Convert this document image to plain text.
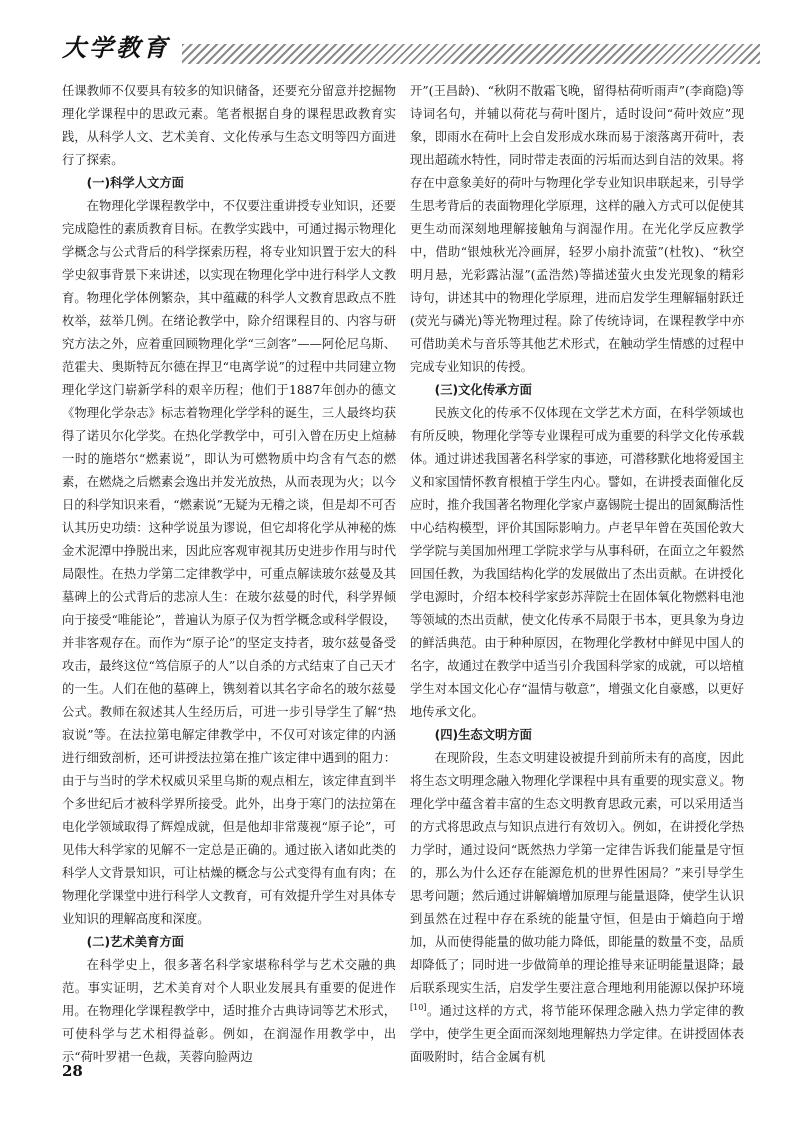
大学教育

任课教师不仅要具有较多的知识储备，还要充分留意并挖掘物理化学课程中的思政元素。笔者根据自身的课程思政教育实践，从科学人文、艺术美育、文化传承与生态文明等四方面进行了探索。

(一)科学人文方面

在物理化学课程教学中，不仅要注重讲授专业知识，还要完成隐性的素质教育目标。在教学实践中，可通过揭示物理化学概念与公式背后的科学探索历程，将专业知识置于宏大的科学史叙事背景下来讲述，以实现在物理化学中进行科学人文教育。物理化学体例繁杂，其中蕴藏的科学人文教育思政点不胜枚举，兹举几例。在绪论教学中，除介绍课程目的、内容与研究方法之外，应着重回顾物理化学“三剑客”——阿伦尼乌斯、范霍夫、奥斯特瓦尔德在捍卫“电离学说”的过程中共同建立物理化学这门崭新学科的艰辛历程；他们于1887年创办的德文《物理化学杂志》标志着物理化学学科的诞生，三人最终均获得了诺贝尔化学奖。在热化学教学中，可引入曾在历史上煊赫一时的施塔尔“燃素说”，即认为可燃物质中均含有气态的燃素，在燃烧之后燃素会逸出并发光放热，从而表现为火；以今日的科学知识来看，“燃素说”无疑为无稽之谈，但是却不可否认其历史功绩：这种学说虽为谬说，但它却将化学从神秘的炼金术泥潭中挣脱出来，因此应客观审视其历史进步作用与时代局限性。在热力学第二定律教学中，可重点解读玻尔兹曼及其墓碑上的公式背后的悲凉人生：在玻尔兹曼的时代，科学界倾向于接受“唯能论”，普遍认为原子仅为哲学概念或科学假设，并非客观存在。而作为“原子论”的坚定支持者，玻尔兹曼备受攻击，最终这位“笃信原子的人”以自杀的方式结束了自己天才的一生。人们在他的墓碑上，镌刻着以其名字命名的玻尔兹曼公式。教师在叙述其人生经历后，可进一步引导学生了解“热寂说”等。在法拉第电解定律教学中，不仅可对该定律的内涵进行细致剖析，还可讲授法拉第在推广该定律中遇到的阻力：由于与当时的学术权威贝采里乌斯的观点相左，该定律直到半个多世纪后才被科学界所接受。此外，出身于寒门的法拉第在电化学领域取得了辉煌成就，但是他却非常蔑视“原子论”，可见伟大科学家的见解不一定总是正确的。通过嵌入诸如此类的科学人文背景知识，可让枯燥的概念与公式变得有血有肉；在物理化学课堂中进行科学人文教育，可有效提升学生对具体专业知识的理解高度和深度。

(二)艺术美育方面

在科学史上，很多著名科学家堪称科学与艺术交融的典范。事实证明，艺术美育对个人职业发展具有重要的促进作用。在物理化学课程教学中，适时推介古典诗词等艺术形式，可使科学与艺术相得益彰。例如，在润湿作用教学中，出示“荷叶罗裙一色裁，芙蓉向脸两边

开”(王昌龄)、“秋阴不散霜飞晚，留得枯荷听雨声”(李商隐)等诗词名句，并辅以荷花与荷叶图片，适时设问“荷叶效应”现象，即雨水在荷叶上会自发形成水珠而易于滚落离开荷叶，表现出超疏水特性，同时带走表面的污垢而达到自洁的效果。将存在中意象美好的荷叶与物理化学专业知识串联起来，引导学生思考背后的表面物理化学原理，这样的融入方式可以促使其更生动而深刻地理解接触角与润湿作用。在光化学反应教学中，借助“银烛秋光冷画屏，轻罗小扇扑流萤”(杜牧)、“秋空明月悬，光彩露沾湿”(孟浩然)等描述萤火虫发光现象的精彩诗句，讲述其中的物理化学原理，进而启发学生理解辐射跃迁(荧光与磷光)等光物理过程。除了传统诗词，在课程教学中亦可借助美术与音乐等其他艺术形式，在触动学生情感的过程中完成专业知识的传授。

(三)文化传承方面

民族文化的传承不仅体现在文学艺术方面，在科学领域也有所反映，物理化学等专业课程可成为重要的科学文化传承载体。通过讲述我国著名科学家的事迹，可潜移默化地将爱国主义和家国情怀教育根植于学生内心。譬如，在讲授表面催化反应时，推介我国著名物理化学家卢嘉锡院士提出的固氮酶活性中心结构模型，评价其国际影响力。卢老早年曾在英国伦敦大学学院与美国加州理工学院求学与从事科研，在面立之年毅然回国任教，为我国结构化学的发展做出了杰出贡献。在讲授化学电源时，介绍本校科学家彭苏萍院士在固体氧化物燃料电池等领域的杰出贡献，使文化传承不局限于书本，更具象为身边的鲜活典范。由于种种原因，在物理化学教材中鲜见中国人的名字，故通过在教学中适当引介我国科学家的成就，可以培植学生对本国文化心存“温情与敬意”，增强文化自豪感，以更好地传承文化。

(四)生态文明方面

在现阶段，生态文明建设被提升到前所未有的高度，因此将生态文明理念融入物理化学课程中具有重要的现实意义。物理化学中蕴含着丰富的生态文明教育思政元素，可以采用适当的方式将思政点与知识点进行有效切入。例如，在讲授化学热力学时，通过设问“既然热力学第一定律告诉我们能量是守恒的，那么为什么还存在能源危机的世界性困局？”来引导学生思考问题；然后通过讲解熵增加原理与能量退降，使学生认识到虽然在过程中存在系统的能量守恒，但是由于熵趋向于增加，从而使得能量的做功能力降低，即能量的数量不变，品质却降低了；同时进一步做简单的理论推导来证明能量退降；最后联系现实生活，启发学生要注意合理地利用能源以保护环境[10]。通过这样的方式，将节能环保理念融入热力学定律的教学中，使学生更全面而深刻地理解热力学定律。在讲授固体表面吸附时，结合金属有机

28
